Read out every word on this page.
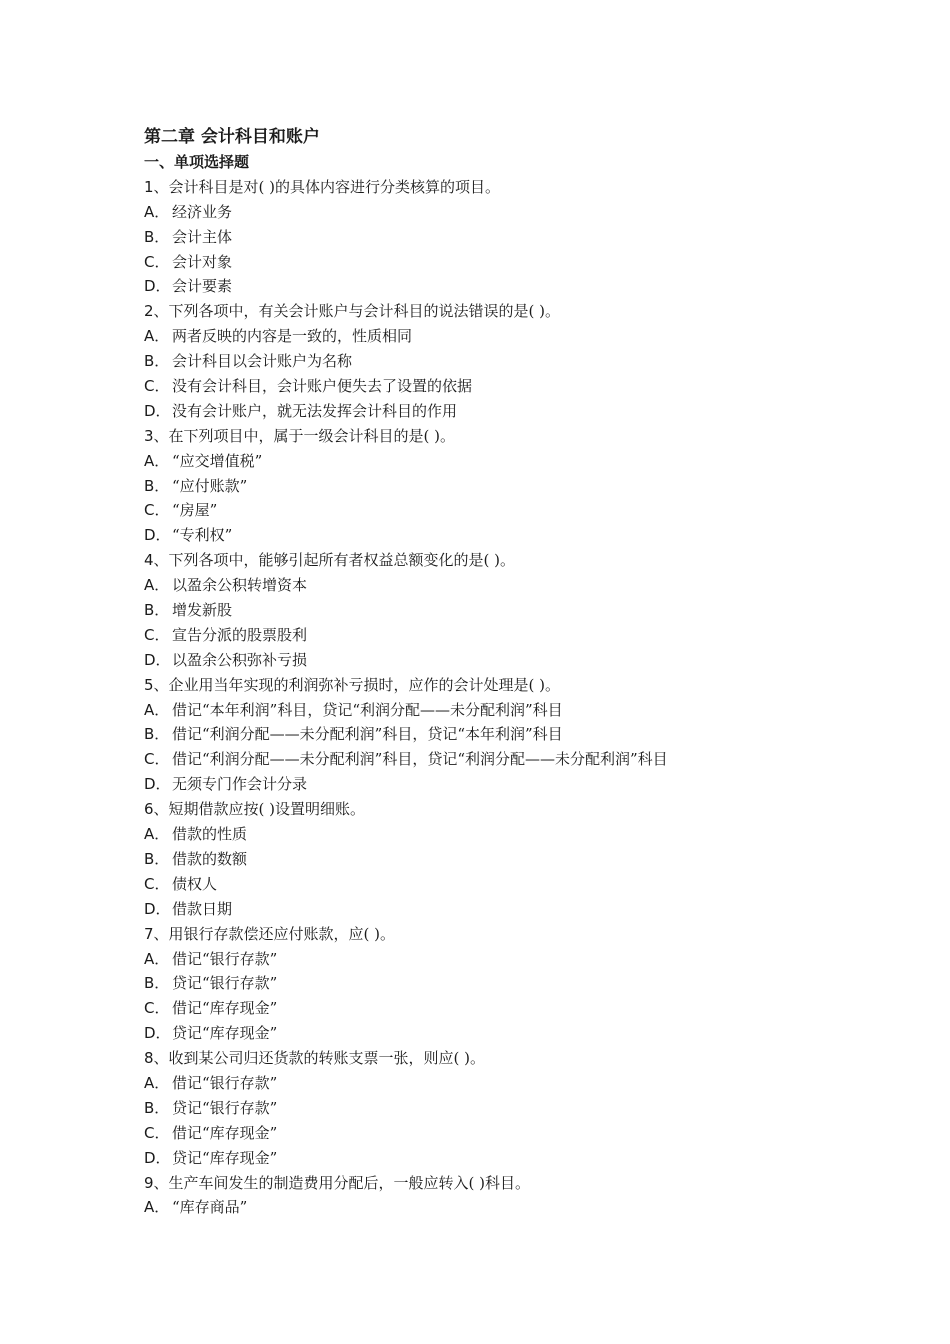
第二章 会计科目和账户
一、单项选择题
1、会计科目是对( )的具体内容进行分类核算的项目。
A． 经济业务
B． 会计主体
C． 会计对象
D．会计要素
2、下列各项中，有关会计账户与会计科目的说法错误的是( )。
A． 两者反映的内容是一致的，性质相同
B． 会计科目以会计账户为名称
C． 没有会计科目，会计账户便失去了设置的依据
D．没有会计账户，就无法发挥会计科目的作用
3、在下列项目中，属于一级会计科目的是( )。
A． “应交增值税”
B． “应付账款”
C． “房屋”
D．“专利权”
4、下列各项中，能够引起所有者权益总额变化的是( )。
A． 以盈余公积转增资本
B． 增发新股
C． 宣告分派的股票股利
D．以盈余公积弥补亏损
5、企业用当年实现的利润弥补亏损时，应作的会计处理是( )。
A． 借记“本年利润”科目，贷记“利润分配——未分配利润”科目
B． 借记“利润分配——未分配利润”科目，贷记“本年利润”科目
C． 借记“利润分配——未分配利润”科目，贷记“利润分配——未分配利润”科目
D．无须专门作会计分录
6、短期借款应按( )设置明细账。
A． 借款的性质
B． 借款的数额
C． 债权人
D．借款日期
7、用银行存款偿还应付账款，应( )。
A． 借记“银行存款”
B． 贷记“银行存款”
C． 借记“库存现金”
D．贷记“库存现金”
8、收到某公司归还货款的转账支票一张，则应( )。
A． 借记“银行存款”
B． 贷记“银行存款”
C． 借记“库存现金”
D．贷记“库存现金”
9、生产车间发生的制造费用分配后，一般应转入( )科目。
A． “库存商品”
